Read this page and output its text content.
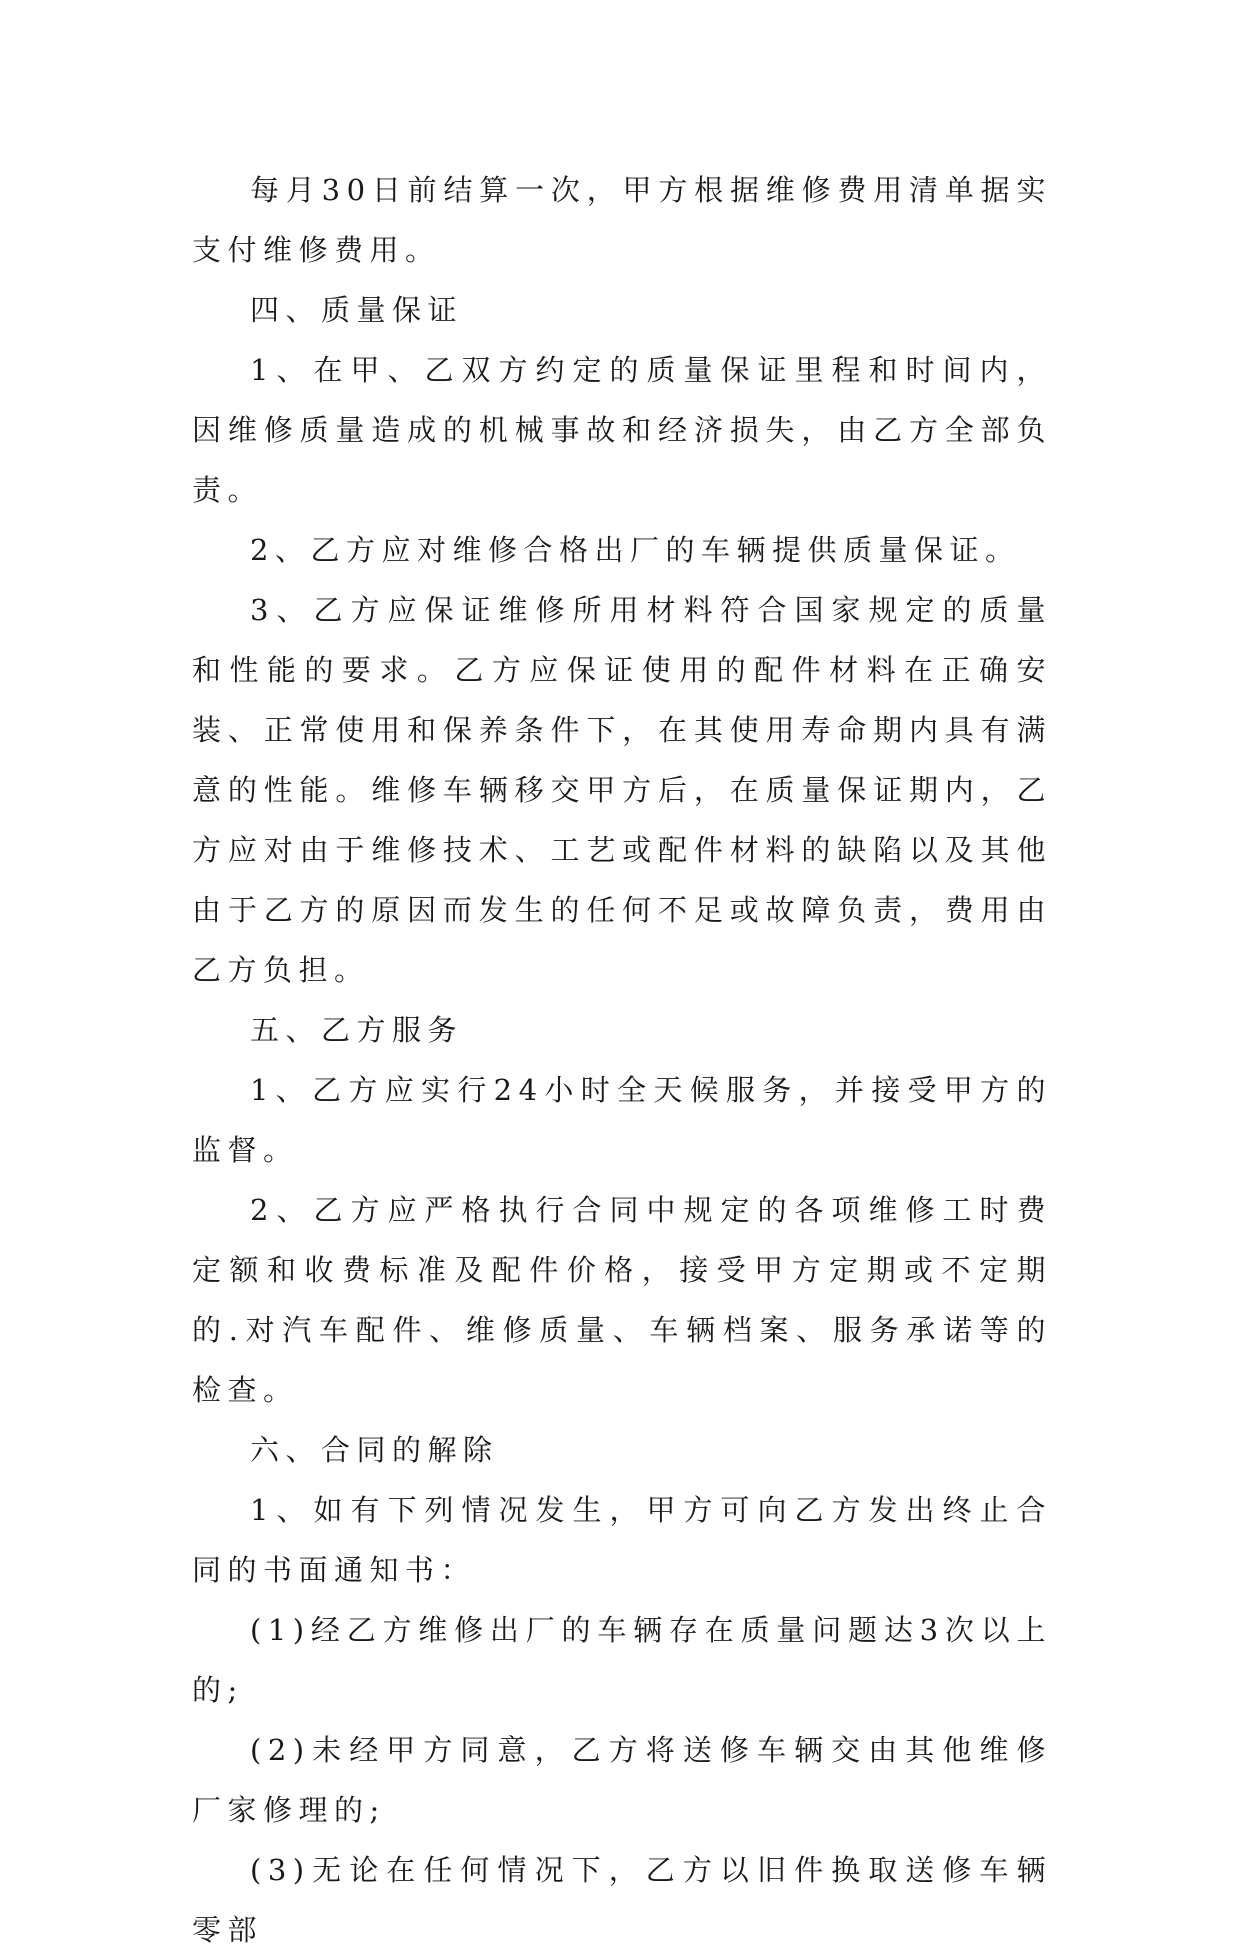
每月30日前结算一次，甲方根据维修费用清单据实支付维修费用。

四、质量保证

1、在甲、乙双方约定的质量保证里程和时间内，因维修质量造成的机械事故和经济损失，由乙方全部负责。

2、乙方应对维修合格出厂的车辆提供质量保证。

3、乙方应保证维修所用材料符合国家规定的质量和性能的要求。乙方应保证使用的配件材料在正确安装、正常使用和保养条件下，在其使用寿命期内具有满意的性能。维修车辆移交甲方后，在质量保证期内，乙方应对由于维修技术、工艺或配件材料的缺陷以及其他由于乙方的原因而发生的任何不足或故障负责，费用由乙方负担。

五、乙方服务

1、乙方应实行24小时全天候服务，并接受甲方的监督。

2、乙方应严格执行合同中规定的各项维修工时费定额和收费标准及配件价格，接受甲方定期或不定期的.对汽车配件、维修质量、车辆档案、服务承诺等的检查。

六、合同的解除

1、如有下列情况发生，甲方可向乙方发出终止合同的书面通知书：

(1)经乙方维修出厂的车辆存在质量问题达3次以上的;

(2)未经甲方同意，乙方将送修车辆交由其他维修厂家修理的;

(3)无论在任何情况下，乙方以旧件换取送修车辆零部
